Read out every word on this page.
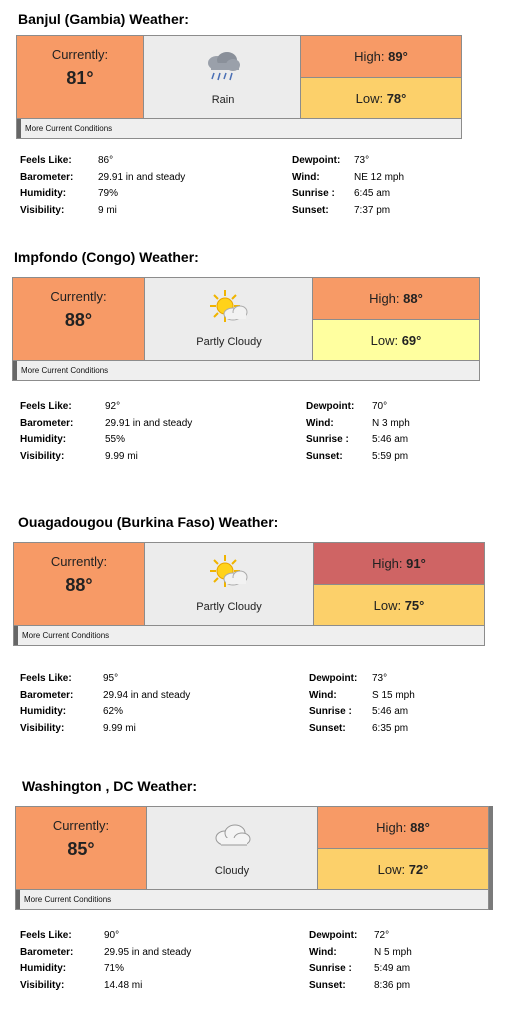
Banjul (Gambia) Weather:
Currently:
81°
Rain
High: 89°
Low: 78°
More Current Conditions
Feels Like:	86°
Barometer: 29.91 in and steady
Humidity:	79%
Visibility:	9 mi
Dewpoint: 73°
Wind:	NE 12 mph
Sunrise : 6:45 am
Sunset:	7:37 pm
Impfondo (Congo) Weather:
Currently:
88°
Partly Cloudy
High: 88°
Low: 69°
More Current Conditions
Feels Like:	92°
Barometer:	29.91 in and steady
Humidity:	55%
Visibility:	9.99 mi
Dewpoint: 70°
Wind:	N 3 mph
Sunrise : 5:46 am
Sunset:	5:59 pm
Ouagadougou (Burkina Faso) Weather:
Currently:
88°
Partly Cloudy
High: 91°
Low: 75°
More Current Conditions
Feels Like:	95°
Barometer:	29.94 in and steady
Humidity:	62%
Visibility:	9.99 mi
Dewpoint: 73°
Wind:	S 15 mph
Sunrise : 5:46 am
Sunset:	6:35 pm
Washington , DC Weather:
Currently:
85°
Cloudy
High: 88°
Low: 72°
More Current Conditions
Feels Like:	90°
Barometer:	29.95 in and steady
Humidity:	71%
Visibility:	14.48 mi
Dewpoint: 72°
Wind:	N 5 mph
Sunrise : 5:49 am
Sunset:	8:36 pm
